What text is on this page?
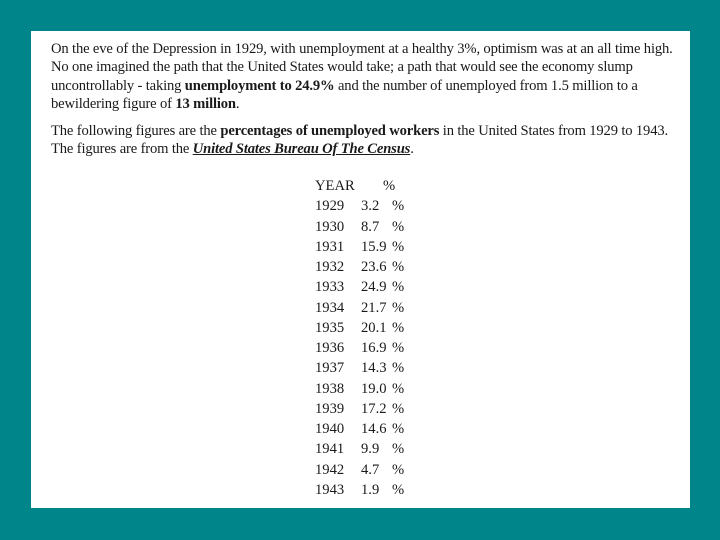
On the eve of the Depression in 1929, with unemployment at a healthy 3%, optimism was at an all time high. No one imagined the path that the United States would take; a path that would see the economy slump uncontrollably - taking unemployment to 24.9% and the number of unemployed from 1.5 million to a bewildering figure of 13 million.
The following figures are the percentages of unemployed workers in the United States from 1929 to 1943. The figures are from the United States Bureau Of The Census.
YEAR %
1929 3.2 %
1930 8.7 %
1931 15.9 %
1932 23.6 %
1933 24.9 %
1934 21.7 %
1935 20.1 %
1936 16.9 %
1937 14.3 %
1938 19.0 %
1939 17.2 %
1940 14.6 %
1941 9.9 %
1942 4.7 %
1943 1.9 %
